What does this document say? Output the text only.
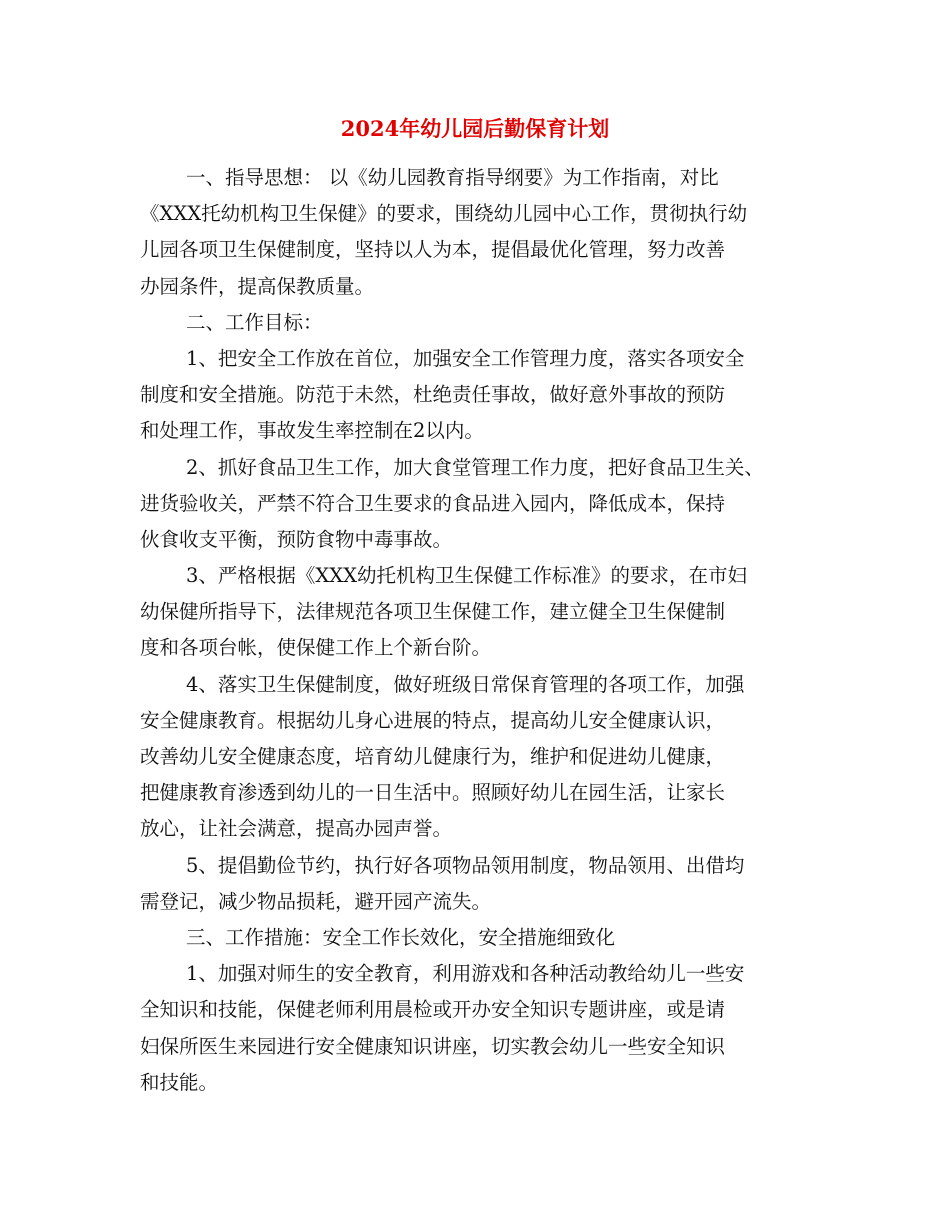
2024年幼儿园后勤保育计划

一、指导思想： 以《幼儿园教育指导纲要》为工作指南，对比
《XXX托幼机构卫生保健》的要求，围绕幼儿园中心工作，贯彻执行幼
儿园各项卫生保健制度，坚持以人为本，提倡最优化管理，努力改善
办园条件，提高保教质量。

二、工作目标：

1、把安全工作放在首位，加强安全工作管理力度，落实各项安全
制度和安全措施。防范于未然，杜绝责任事故，做好意外事故的预防
和处理工作，事故发生率控制在2以内。

2、抓好食品卫生工作，加大食堂管理工作力度，把好食品卫生关、
进货验收关，严禁不符合卫生要求的食品进入园内，降低成本，保持
伙食收支平衡，预防食物中毒事故。

3、严格根据《XXX幼托机构卫生保健工作标准》的要求，在市妇
幼保健所指导下，法律规范各项卫生保健工作，建立健全卫生保健制
度和各项台帐，使保健工作上个新台阶。

4、落实卫生保健制度，做好班级日常保育管理的各项工作，加强
安全健康教育。根据幼儿身心进展的特点，提高幼儿安全健康认识，
改善幼儿安全健康态度，培育幼儿健康行为，维护和促进幼儿健康，
把健康教育渗透到幼儿的一日生活中。照顾好幼儿在园生活，让家长
放心，让社会满意，提高办园声誉。

5、提倡勤俭节约，执行好各项物品领用制度，物品领用、出借均
需登记，减少物品损耗，避开园产流失。

三、工作措施：安全工作长效化，安全措施细致化

1、加强对师生的安全教育，利用游戏和各种活动教给幼儿一些安
全知识和技能，保健老师利用晨检或开办安全知识专题讲座，或是请
妇保所医生来园进行安全健康知识讲座，切实教会幼儿一些安全知识
和技能。
